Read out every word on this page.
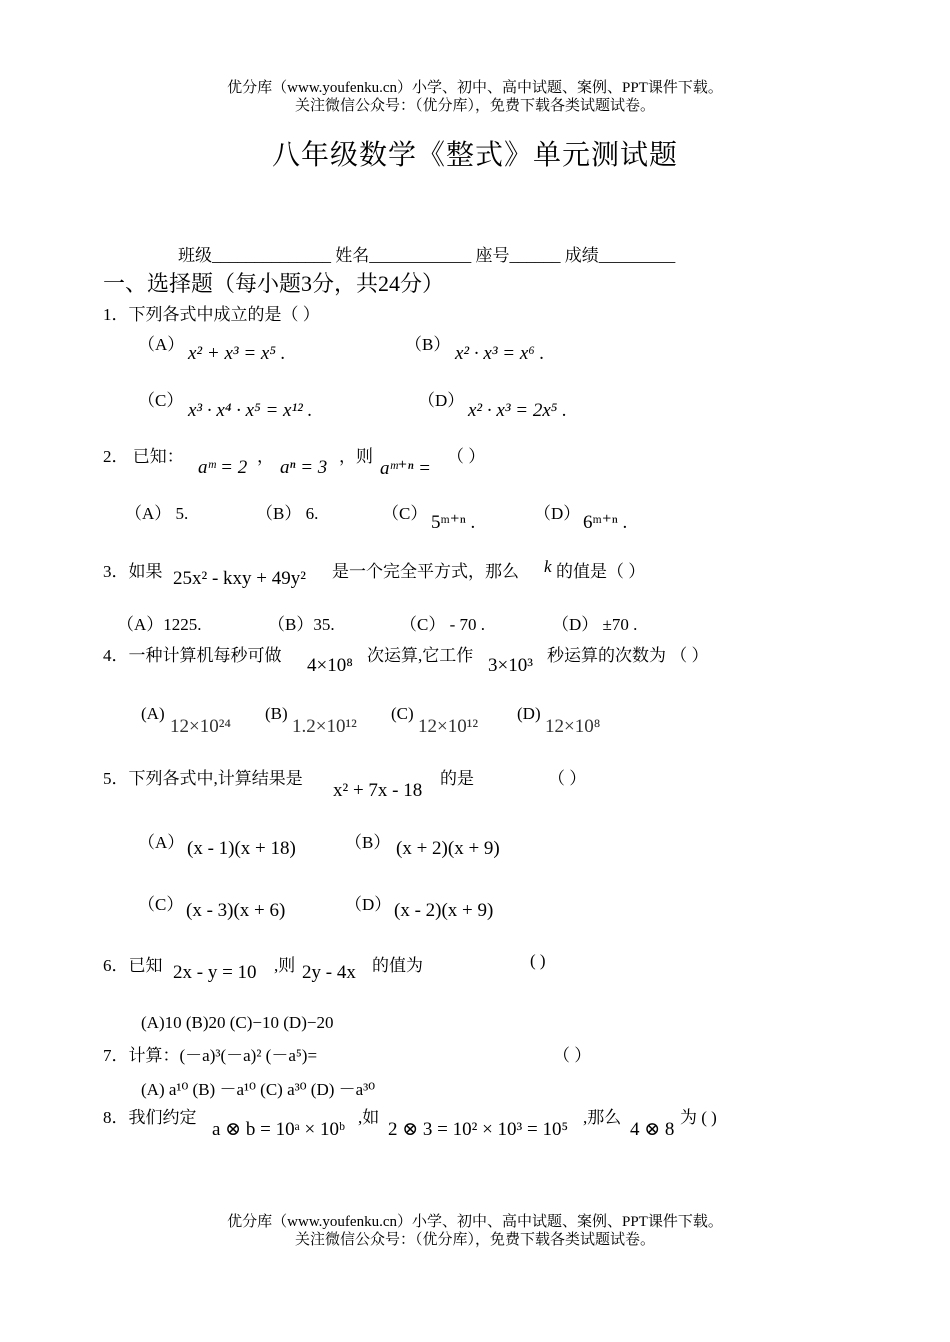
优分库（www.youfenku.cn）小学、初中、高中试题、案例、PPT课件下载。
关注微信公众号：（优分库），免费下载各类试题试卷。
八年级数学《整式》单元测试题
班级______________ 姓名____________ 座号______ 成绩_________
一、选择题（每小题3分，共24分）
1．下列各式中成立的是（ ）
（A） x² + x³ = x⁵ .	（B） x² · x³ = x⁶ .
（C） x³ · x⁴ · x⁵ = x¹² .	（D） x² · x³ = 2x⁵ .
2． 已知：
aᵐ = 2
，
aⁿ = 3
，则
aᵐ⁺ⁿ =
（ ）
（A） 5.	（B） 6.	（C） 5ᵐ⁺ⁿ .	（D） 6ᵐ⁺ⁿ .
3．如果 25x² - kxy + 49y² 是一个完全平方式，那么 k 的值是（ ）
（A）1225.	（B）35.	（C） - 70 .	（D） ±70 .
4．一种计算机每秒可做 4×10⁸ 次运算,它工作 3×10³ 秒运算的次数为 （ ）
(A)
12×10²⁴
(B)
1.2×10¹²
(C)
12×10¹²
(D)
12×10⁸
5．下列各式中,计算结果是
x² + 7x - 18
的是	（ ）
（A） (x - 1)(x + 18)	（B） (x + 2)(x + 9)
（C） (x - 3)(x + 6)	（D） (x - 2)(x + 9)
6．已知 2x - y = 10 ,则 2y - 4x 的值为	( )
(A)10 (B)20 (C)−10 (D)−20
7．计算：(－a)³(－a)² (－a⁵)=	（ ）
(A) a¹⁰ (B) －a¹⁰ (C) a³⁰ (D) －a³⁰
8．我们约定
a ⊗ b = 10ᵃ × 10ᵇ
,如
2 ⊗ 3 = 10² × 10³ = 10⁵
,那么
4 ⊗ 8
为 ( )
优分库（www.youfenku.cn）小学、初中、高中试题、案例、PPT课件下载。
关注微信公众号：（优分库），免费下载各类试题试卷。
